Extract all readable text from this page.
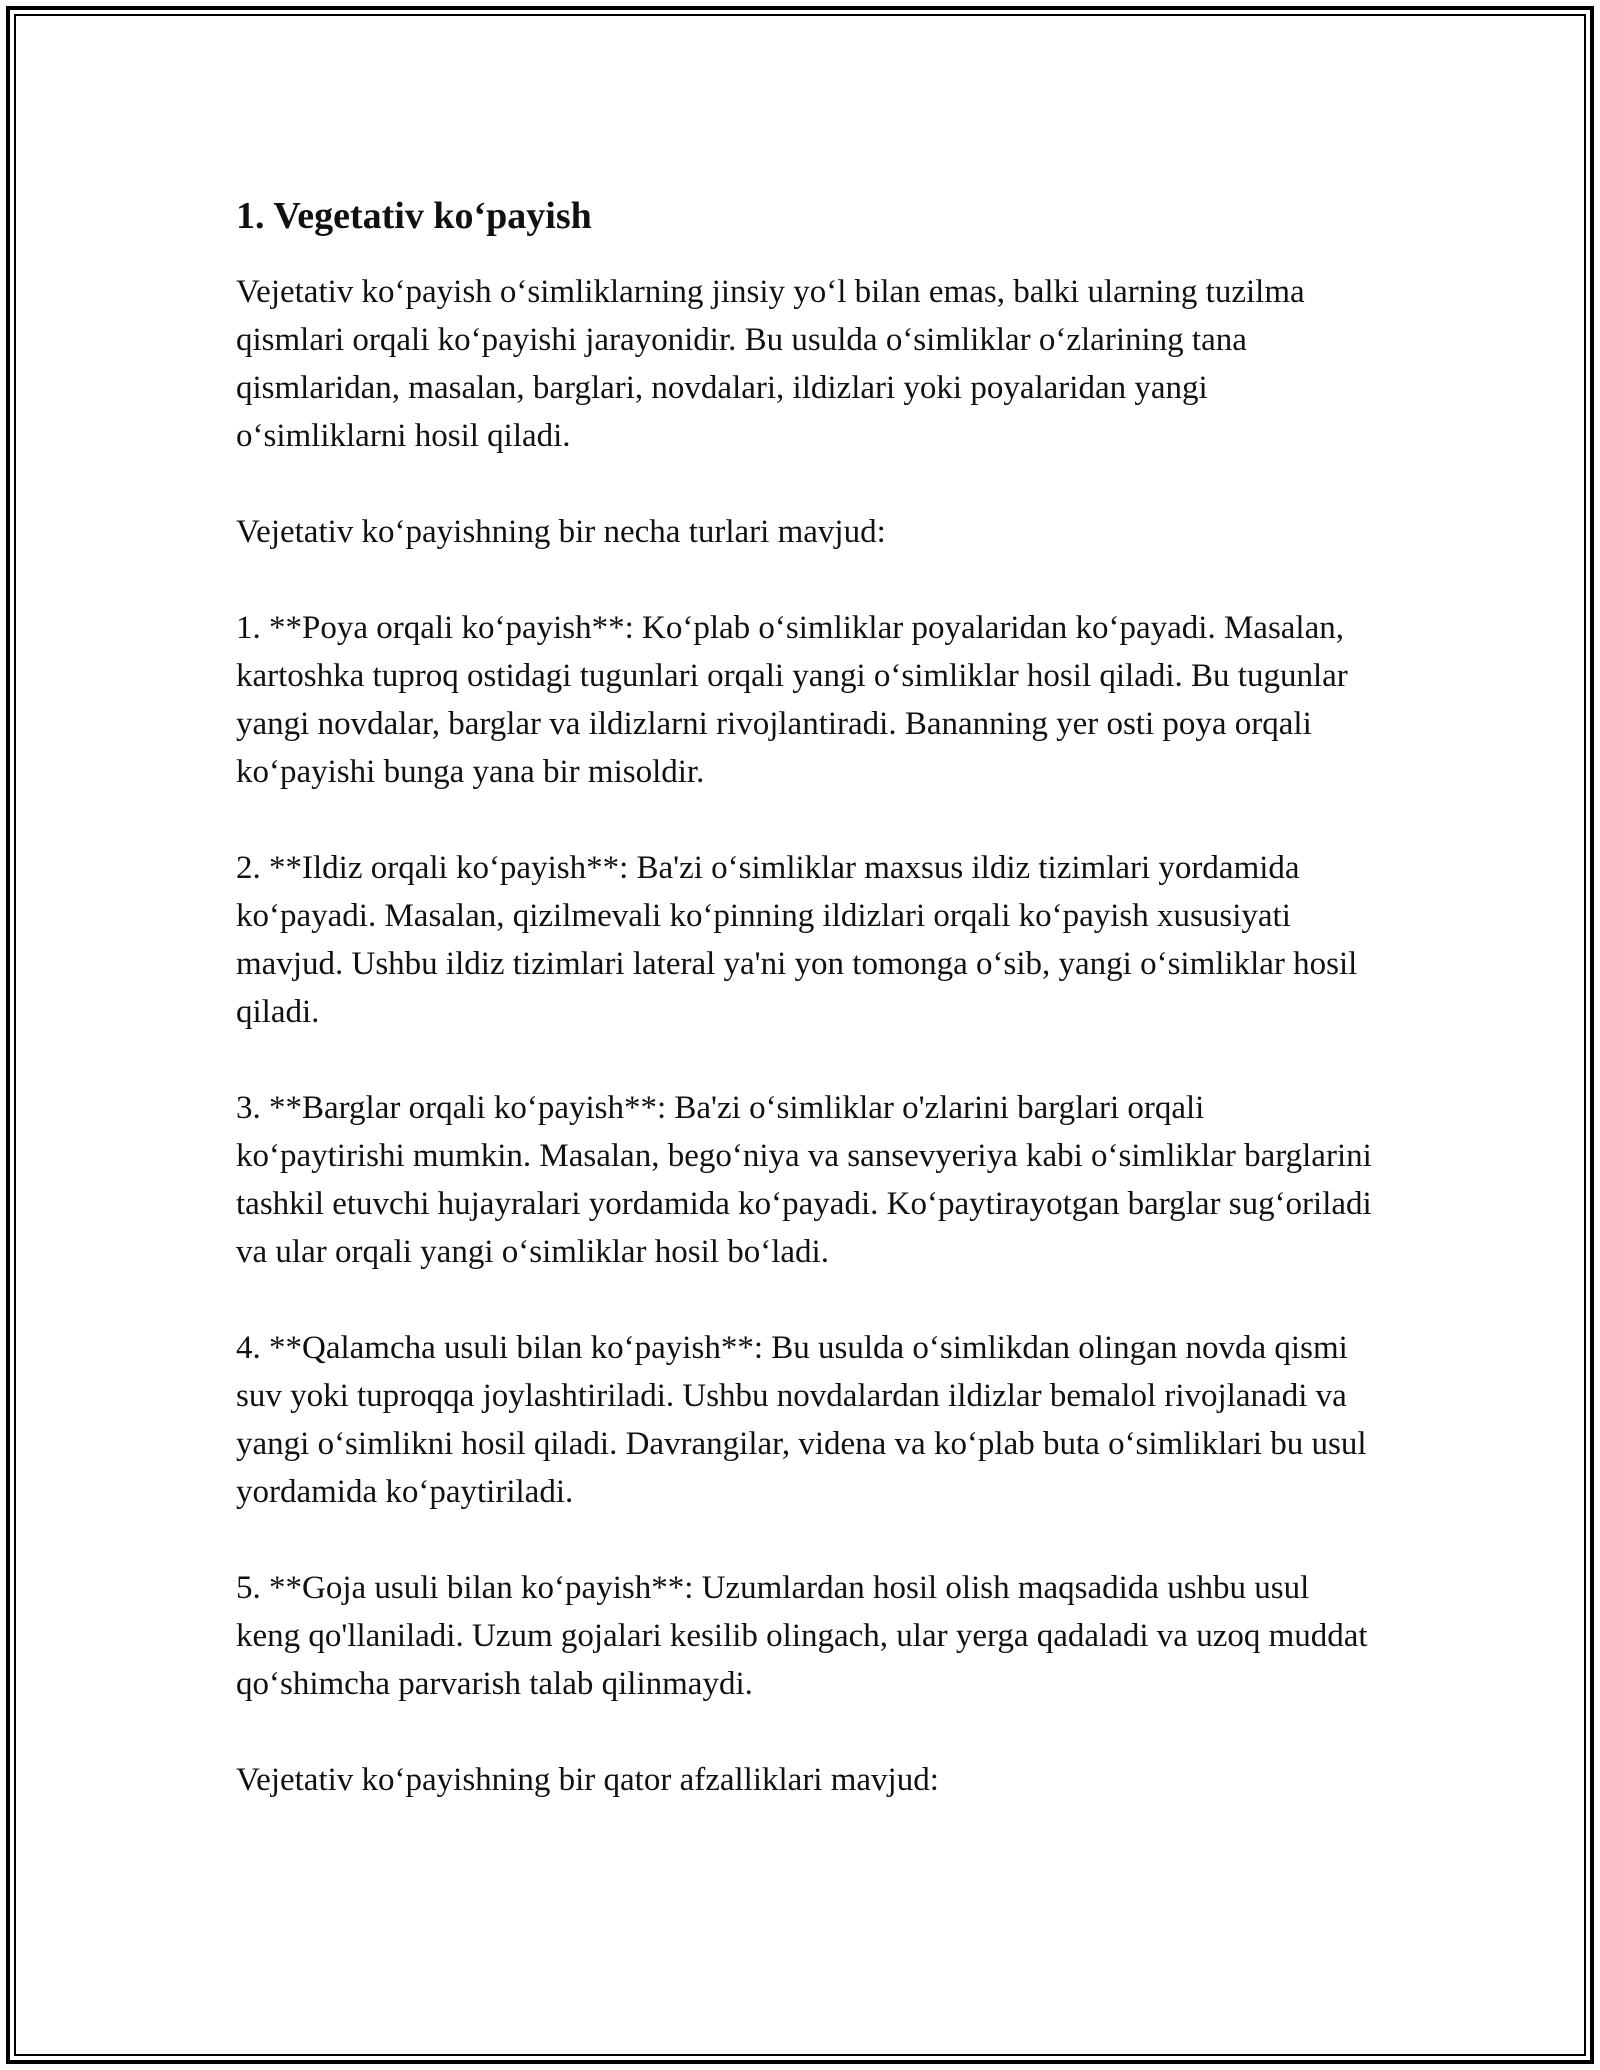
1. Vegetativ ko‘payish

Vejetativ ko‘payish o‘simliklarning jinsiy yo‘l bilan emas, balki ularning tuzilma qismlari orqali ko‘payishi jarayonidir. Bu usulda o‘simliklar o‘zlarining tana qismlaridan, masalan, barglari, novdalari, ildizlari yoki poyalaridan yangi o‘simliklarni hosil qiladi.

Vejetativ ko‘payishning bir necha turlari mavjud:

1. **Poya orqali ko‘payish**: Ko‘plab o‘simliklar poyalaridan ko‘payadi. Masalan, kartoshka tuproq ostidagi tugunlari orqali yangi o‘simliklar hosil qiladi. Bu tugunlar yangi novdalar, barglar va ildizlarni rivojlantiradi. Bananning yer osti poya orqali ko‘payishi bunga yana bir misoldir.

2. **Ildiz orqali ko‘payish**: Ba'zi o‘simliklar maxsus ildiz tizimlari yordamida ko‘payadi. Masalan, qizilmevali ko‘pinning ildizlari orqali ko‘payish xususiyati mavjud. Ushbu ildiz tizimlari lateral ya'ni yon tomonga o‘sib, yangi o‘simliklar hosil qiladi.

3. **Barglar orqali ko‘payish**: Ba'zi o‘simliklar o'zlarini barglari orqali ko‘paytirishi mumkin. Masalan, bego‘niya va sansevyeriya kabi o‘simliklar barglarini tashkil etuvchi hujayralari yordamida ko‘payadi. Ko‘paytirayotgan barglar sug‘oriladi va ular orqali yangi o‘simliklar hosil bo‘ladi.

4. **Qalamcha usuli bilan ko‘payish**: Bu usulda o‘simlikdan olingan novda qismi suv yoki tuproqqa joylashtiriladi. Ushbu novdalardan ildizlar bemalol rivojlanadi va yangi o‘simlikni hosil qiladi. Davrangilar, videna va ko‘plab buta o‘simliklari bu usul yordamida ko‘paytiriladi.

5. **Goja usuli bilan ko‘payish**: Uzumlardan hosil olish maqsadida ushbu usul keng qo'llaniladi. Uzum gojalari kesilib olingach, ular yerga qadaladi va uzoq muddat qo‘shimcha parvarish talab qilinmaydi.

Vejetativ ko‘payishning bir qator afzalliklari mavjud:
